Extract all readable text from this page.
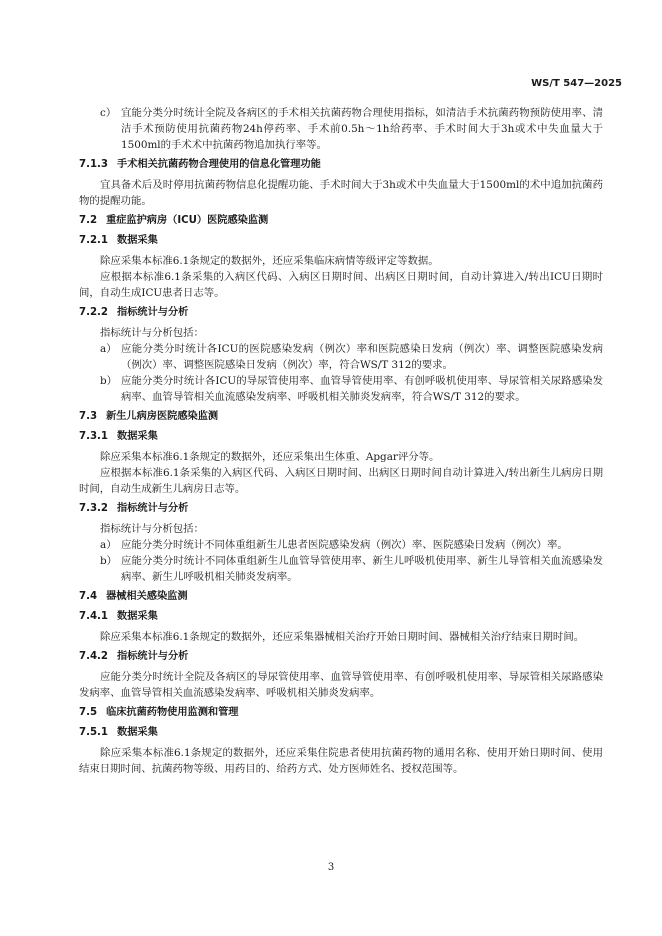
WS/T 547—2025
c） 宜能分类分时统计全院及各病区的手术相关抗菌药物合理使用指标，如清洁手术抗菌药物预防使用率、清洁手术预防使用抗菌药物24h停药率、手术前0.5h～1h给药率、手术时间大于3h或术中失血量大于1500ml的手术术中抗菌药物追加执行率等。
7.1.3 手术相关抗菌药物合理使用的信息化管理功能
宜具备术后及时停用抗菌药物信息化提醒功能、手术时间大于3h或术中失血量大于1500ml的术中追加抗菌药物的提醒功能。
7.2 重症监护病房（ICU）医院感染监测
7.2.1 数据采集
除应采集本标准6.1条规定的数据外，还应采集临床病情等级评定等数据。
应根据本标准6.1条采集的入病区代码、入病区日期时间、出病区日期时间，自动计算进入/转出ICU日期时间，自动生成ICU患者日志等。
7.2.2 指标统计与分析
指标统计与分析包括：
a） 应能分类分时统计各ICU的医院感染发病（例次）率和医院感染日发病（例次）率、调整医院感染发病（例次）率、调整医院感染日发病（例次）率，符合WS/T 312的要求。
b） 应能分类分时统计各ICU的导尿管使用率、血管导管使用率、有创呼吸机使用率、导尿管相关尿路感染发病率、血管导管相关血流感染发病率、呼吸机相关肺炎发病率，符合WS/T 312的要求。
7.3 新生儿病房医院感染监测
7.3.1 数据采集
除应采集本标准6.1条规定的数据外，还应采集出生体重、Apgar评分等。
应根据本标准6.1条采集的入病区代码、入病区日期时间、出病区日期时间自动计算进入/转出新生儿病房日期时间，自动生成新生儿病房日志等。
7.3.2 指标统计与分析
指标统计与分析包括：
a） 应能分类分时统计不同体重组新生儿患者医院感染发病（例次）率、医院感染日发病（例次）率。
b） 应能分类分时统计不同体重组新生儿血管导管使用率、新生儿呼吸机使用率、新生儿导管相关血流感染发病率、新生儿呼吸机相关肺炎发病率。
7.4 器械相关感染监测
7.4.1 数据采集
除应采集本标准6.1条规定的数据外，还应采集器械相关治疗开始日期时间、器械相关治疗结束日期时间。
7.4.2 指标统计与分析
应能分类分时统计全院及各病区的导尿管使用率、血管导管使用率、有创呼吸机使用率、导尿管相关尿路感染发病率、血管导管相关血流感染发病率、呼吸机相关肺炎发病率。
7.5 临床抗菌药物使用监测和管理
7.5.1 数据采集
除应采集本标准6.1条规定的数据外，还应采集住院患者使用抗菌药物的通用名称、使用开始日期时间、使用结束日期时间、抗菌药物等级、用药目的、给药方式、处方医师姓名、授权范围等。
3
